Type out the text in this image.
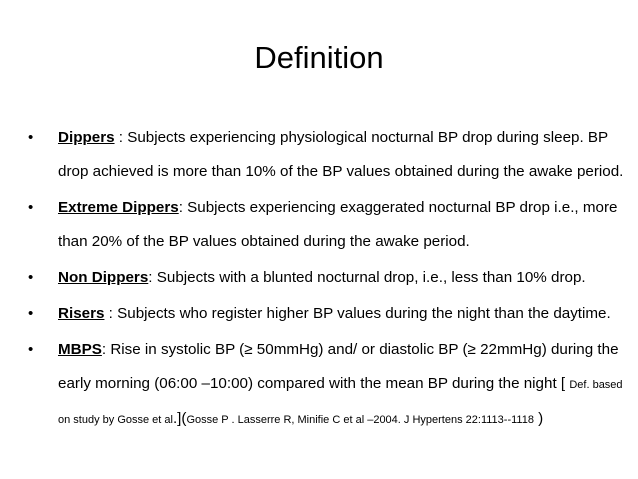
Definition
• Dippers : Subjects experiencing physiological nocturnal BP drop during sleep. BP drop achieved is more than 10% of the BP values obtained during the awake period.
• Extreme Dippers: Subjects experiencing exaggerated nocturnal BP drop i.e., more than 20% of the BP values obtained during the awake period.
• Non Dippers: Subjects with a blunted nocturnal drop, i.e., less than 10% drop.
• Risers : Subjects who register higher BP values during the night than the daytime.
• MBPS: Rise in systolic BP (≥ 50mmHg) and/ or diastolic BP (≥ 22mmHg) during the early morning (06:00 –10:00) compared with the mean BP during the night [ Def. based on study by Gosse et al.](Gosse P . Lasserre R, Minifie C et al –2004. J Hypertens 22:1113--1118 )
